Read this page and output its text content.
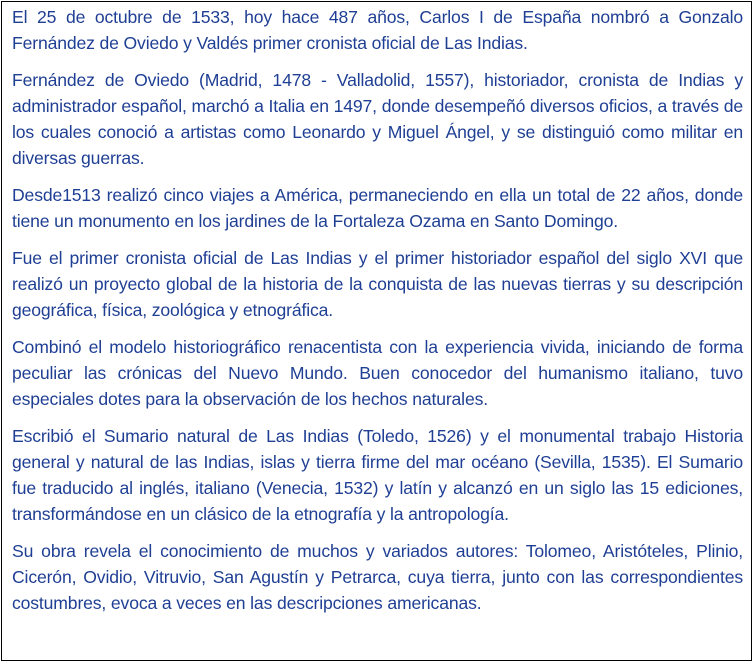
El 25 de octubre de 1533, hoy hace 487 años, Carlos I de España nombró a Gonzalo Fernández de Oviedo y Valdés primer cronista oficial de Las Indias.

Fernández de Oviedo (Madrid, 1478 - Valladolid, 1557), historiador, cronista de Indias y administrador español, marchó a Italia en 1497, donde desempeñó diversos oficios, a través de los cuales conoció a artistas como Leonardo y Miguel Ángel, y se distinguió como militar en diversas guerras.

Desde1513 realizó cinco viajes a América, permaneciendo en ella un total de 22 años, donde tiene un monumento en los jardines de la Fortaleza Ozama en Santo Domingo.

Fue el primer cronista oficial de Las Indias y el primer historiador español del siglo XVI que realizó un proyecto global de la historia de la conquista de las nuevas tierras y su descripción geográfica, física, zoológica y etnográfica.

Combinó el modelo historiográfico renacentista con la experiencia vivida, iniciando de forma peculiar las crónicas del Nuevo Mundo. Buen conocedor del humanismo italiano, tuvo especiales dotes para la observación de los hechos naturales.

Escribió el Sumario natural de Las Indias (Toledo, 1526) y el monumental trabajo Historia general y natural de las Indias, islas y tierra firme del mar océano (Sevilla, 1535). El Sumario fue traducido al inglés, italiano (Venecia, 1532) y latín y alcanzó en un siglo las 15 ediciones, transformándose en un clásico de la etnografía y la antropología.

Su obra revela el conocimiento de muchos y variados autores: Tolomeo, Aristóteles, Plinio, Cicerón, Ovidio, Vitruvio, San Agustín y Petrarca, cuya tierra, junto con las correspondientes costumbres, evoca a veces en las descripciones americanas.
